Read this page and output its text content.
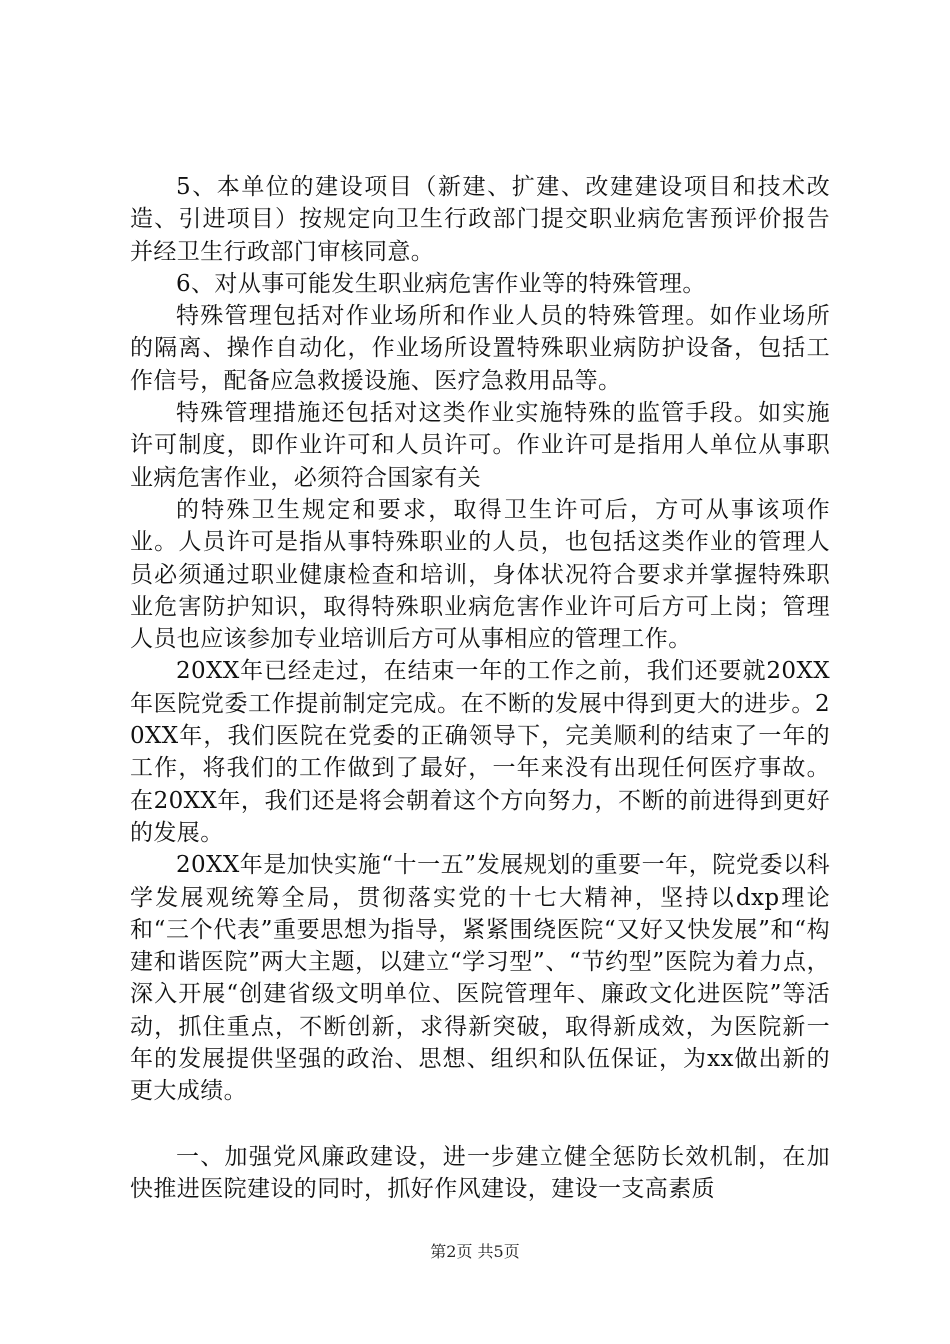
5、本单位的建设项目（新建、扩建、改建建设项目和技术改造、引进项目）按规定向卫生行政部门提交职业病危害预评价报告并经卫生行政部门审核同意。

6、对从事可能发生职业病危害作业等的特殊管理。

特殊管理包括对作业场所和作业人员的特殊管理。如作业场所的隔离、操作自动化，作业场所设置特殊职业病防护设备，包括工作信号，配备应急救援设施、医疗急救用品等。

特殊管理措施还包括对这类作业实施特殊的监管手段。如实施许可制度，即作业许可和人员许可。作业许可是指用人单位从事职业病危害作业，必须符合国家有关

的特殊卫生规定和要求，取得卫生许可后，方可从事该项作业。人员许可是指从事特殊职业的人员，也包括这类作业的管理人员必须通过职业健康检查和培训，身体状况符合要求并掌握特殊职业危害防护知识，取得特殊职业病危害作业许可后方可上岗；管理人员也应该参加专业培训后方可从事相应的管理工作。

20XX年已经走过，在结束一年的工作之前，我们还要就20XX年医院党委工作提前制定完成。在不断的发展中得到更大的进步。20XX年，我们医院在党委的正确领导下，完美顺利的结束了一年的工作，将我们的工作做到了最好，一年来没有出现任何医疗事故。在20XX年，我们还是将会朝着这个方向努力，不断的前进得到更好的发展。

20XX年是加快实施“十一五”发展规划的重要一年，院党委以科学发展观统筹全局，贯彻落实党的十七大精神，坚持以dxp理论和“三个代表”重要思想为指导，紧紧围绕医院“又好又快发展”和“构建和谐医院”两大主题，以建立“学习型”、“节约型”医院为着力点，深入开展“创建省级文明单位、医院管理年、廉政文化进医院”等活动，抓住重点，不断创新，求得新突破，取得新成效，为医院新一年的发展提供坚强的政治、思想、组织和队伍保证，为xx做出新的更大成绩。

一、加强党风廉政建设，进一步建立健全惩防长效机制，在加快推进医院建设的同时，抓好作风建设，建设一支高素质

第2页 共5页
